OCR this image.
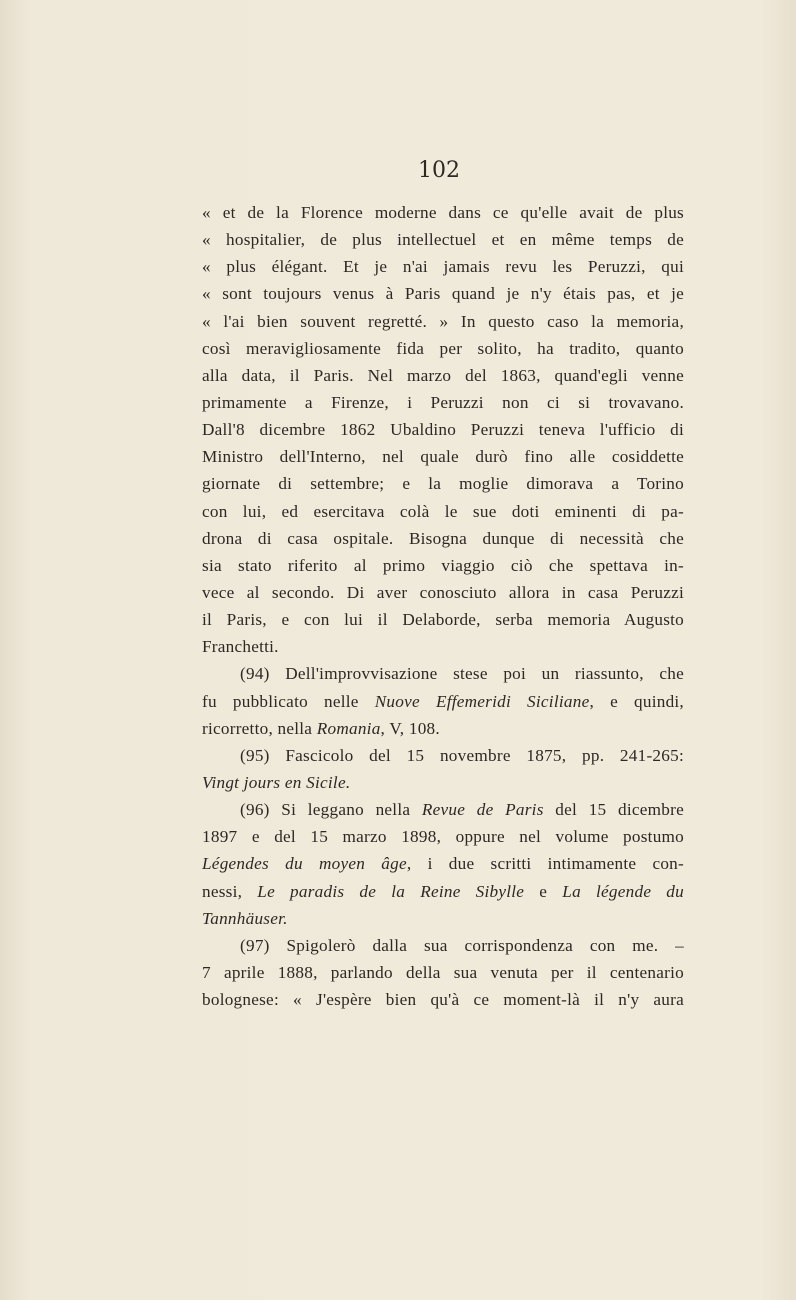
102
« et de la Florence moderne dans ce qu'elle avait de plus
« hospitalier, de plus intellectuel et en même temps de
« plus élégant. Et je n'ai jamais revu les Peruzzi, qui
« sont toujours venus à Paris quand je n'y étais pas, et je
« l'ai bien souvent regretté. » In questo caso la memoria,
così meravigliosamente fida per solito, ha tradito, quanto
alla data, il Paris. Nel marzo del 1863, quand'egli venne
primamente a Firenze, i Peruzzi non ci si trovavano.
Dall'8 dicembre 1862 Ubaldino Peruzzi teneva l'ufficio di
Ministro dell'Interno, nel quale durò fino alle cosiddette
giornate di settembre; e la moglie dimorava a Torino
con lui, ed esercitava colà le sue doti eminenti di pa-
drona di casa ospitale. Bisogna dunque di necessità che
sia stato riferito al primo viaggio ciò che spettava in-
vece al secondo. Di aver conosciuto allora in casa Peruzzi
il Paris, e con lui il Delaborde, serba memoria Augusto
Franchetti.
(94) Dell'improvvisazione stese poi un riassunto, che
fu pubblicato nelle Nuove Effemeridi Siciliane, e quindi,
ricorretto, nella Romania, V, 108.
(95) Fascicolo del 15 novembre 1875, pp. 241-265:
Vingt jours en Sicile.
(96) Si leggano nella Revue de Paris del 15 dicembre
1897 e del 15 marzo 1898, oppure nel volume postumo
Légendes du moyen âge, i due scritti intimamente con-
nessi, Le paradis de la Reine Sibylle e La légende du
Tannhäuser.
(97) Spigolerò dalla sua corrispondenza con me. –
7 aprile 1888, parlando della sua venuta per il centenario
bolognese: « J'espère bien qu'à ce moment-là il n'y aura
